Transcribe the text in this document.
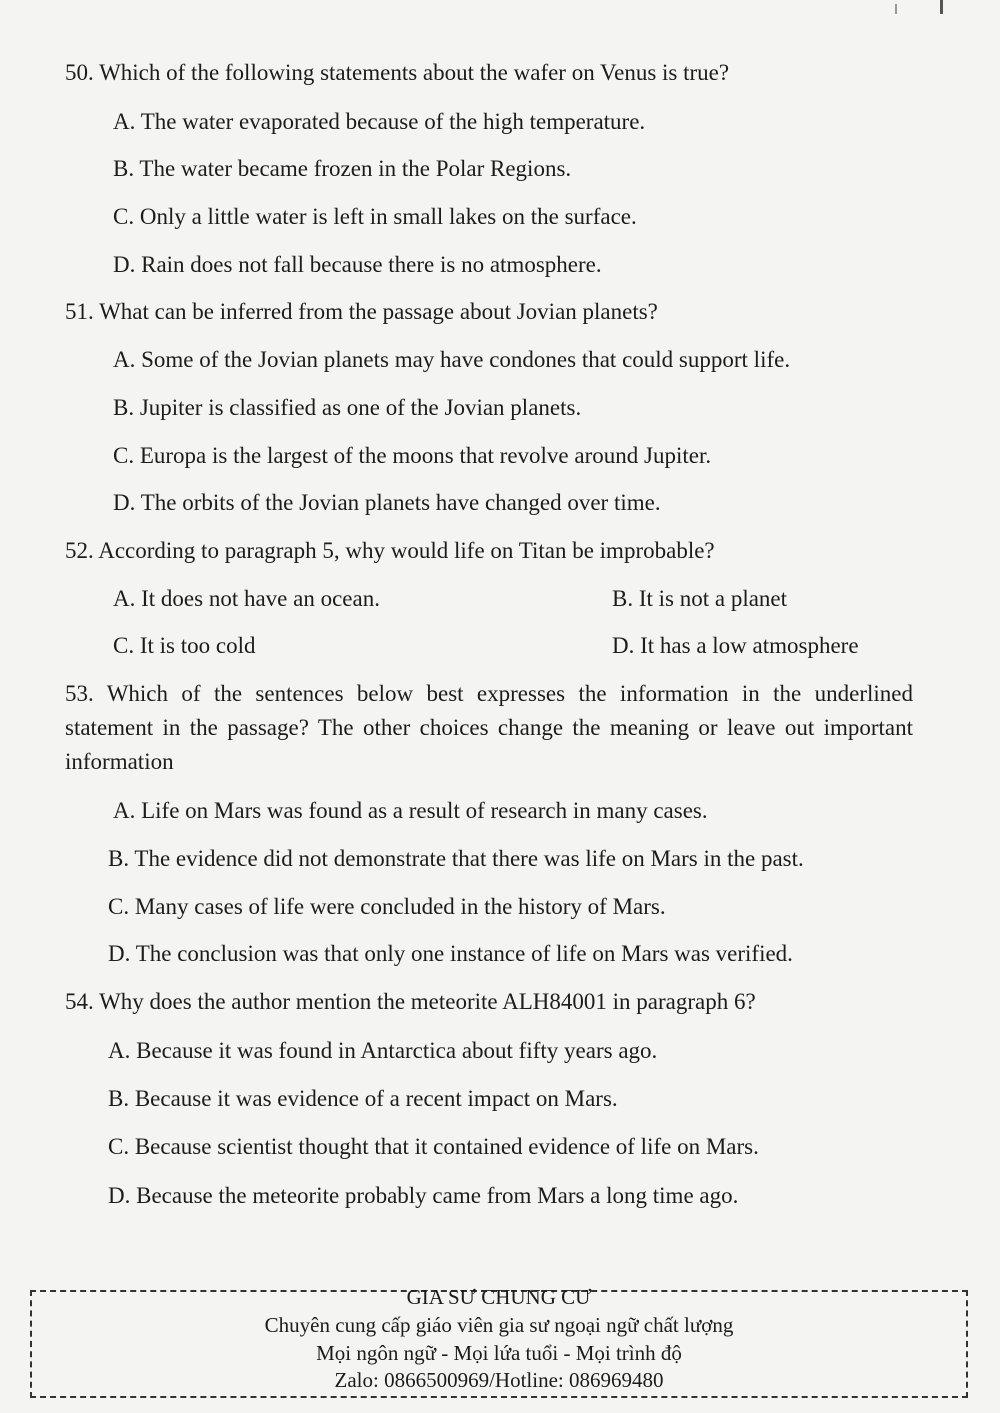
50. Which of the following statements about the wafer on Venus is true?
A. The water evaporated because of the high temperature.
B. The water became frozen in the Polar Regions.
C. Only a little water is left in small lakes on the surface.
D. Rain does not fall because there is no atmosphere.
51. What can be inferred from the passage about Jovian planets?
A. Some of the Jovian planets may have condones that could support life.
B. Jupiter is classified as one of the Jovian planets.
C. Europa is the largest of the moons that revolve around Jupiter.
D. The orbits of the Jovian planets have changed over time.
52. According to paragraph 5, why would life on Titan be improbable?
A. It does not have an ocean.	B. It is not a planet
C. It is too cold	D. It has a low atmosphere
53. Which of the sentences below best expresses the information in the underlined statement in the passage? The other choices change the meaning or leave out important information
A. Life on Mars was found as a result of research in many cases.
B. The evidence did not demonstrate that there was life on Mars in the past.
C. Many cases of life were concluded in the history of Mars.
D. The conclusion was that only one instance of life on Mars was verified.
54. Why does the author mention the meteorite ALH84001 in paragraph 6?
A. Because it was found in Antarctica about fifty years ago.
B. Because it was evidence of a recent impact on Mars.
C. Because scientist thought that it contained evidence of life on Mars.
D. Because the meteorite probably came from Mars a long time ago.
GIA SƯ CHUNG CƯ
Chuyên cung cấp giáo viên gia sư ngoại ngữ chất lượng
Mọi ngôn ngữ - Mọi lứa tuổi - Mọi trình độ
Zalo: 0866500969/Hotline: 086969480
